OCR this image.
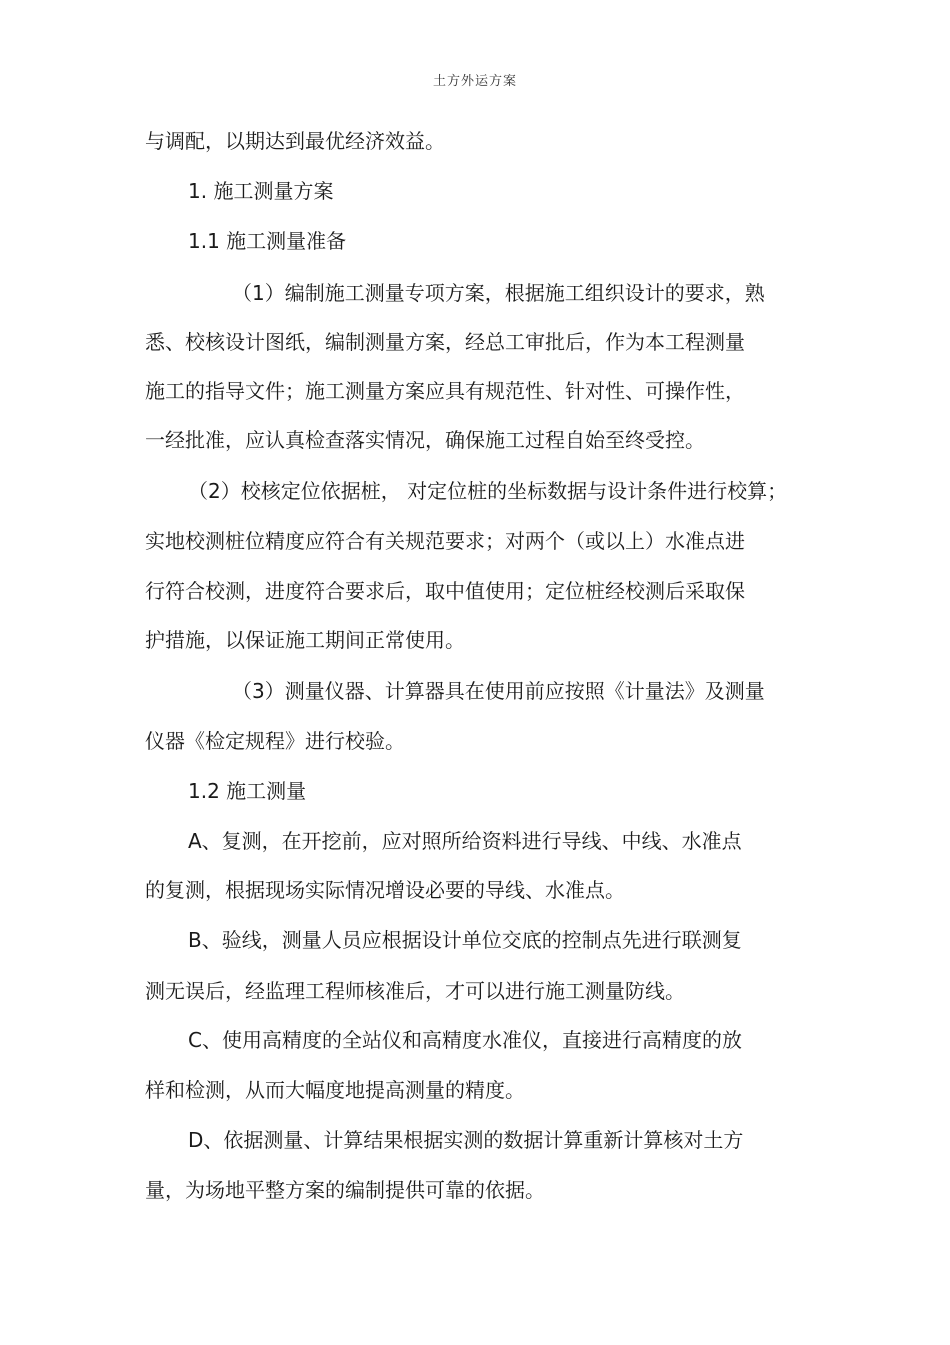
土方外运方案
与调配，以期达到最优经济效益。
1. 施工测量方案
1.1 施工测量准备
（1）编制施工测量专项方案，根据施工组织设计的要求，熟
悉、校核设计图纸，编制测量方案，经总工审批后，作为本工程测量
施工的指导文件；施工测量方案应具有规范性、针对性、可操作性，
一经批准，应认真检查落实情况，确保施工过程自始至终受控。
（2）校核定位依据桩， 对定位桩的坐标数据与设计条件进行校算；
实地校测桩位精度应符合有关规范要求；对两个（或以上）水准点进
行符合校测，进度符合要求后，取中值使用；定位桩经校测后采取保
护措施，以保证施工期间正常使用。
（3）测量仪器、计算器具在使用前应按照《计量法》及测量
仪器《检定规程》进行校验。
1.2 施工测量
A、复测，在开挖前，应对照所给资料进行导线、中线、水准点
的复测，根据现场实际情况增设必要的导线、水准点。
B、验线，测量人员应根据设计单位交底的控制点先进行联测复
测无误后，经监理工程师核准后，才可以进行施工测量防线。
C、使用高精度的全站仪和高精度水准仪，直接进行高精度的放
样和检测，从而大幅度地提高测量的精度。
D、依据测量、计算结果根据实测的数据计算重新计算核对土方
量，为场地平整方案的编制提供可靠的依据。
